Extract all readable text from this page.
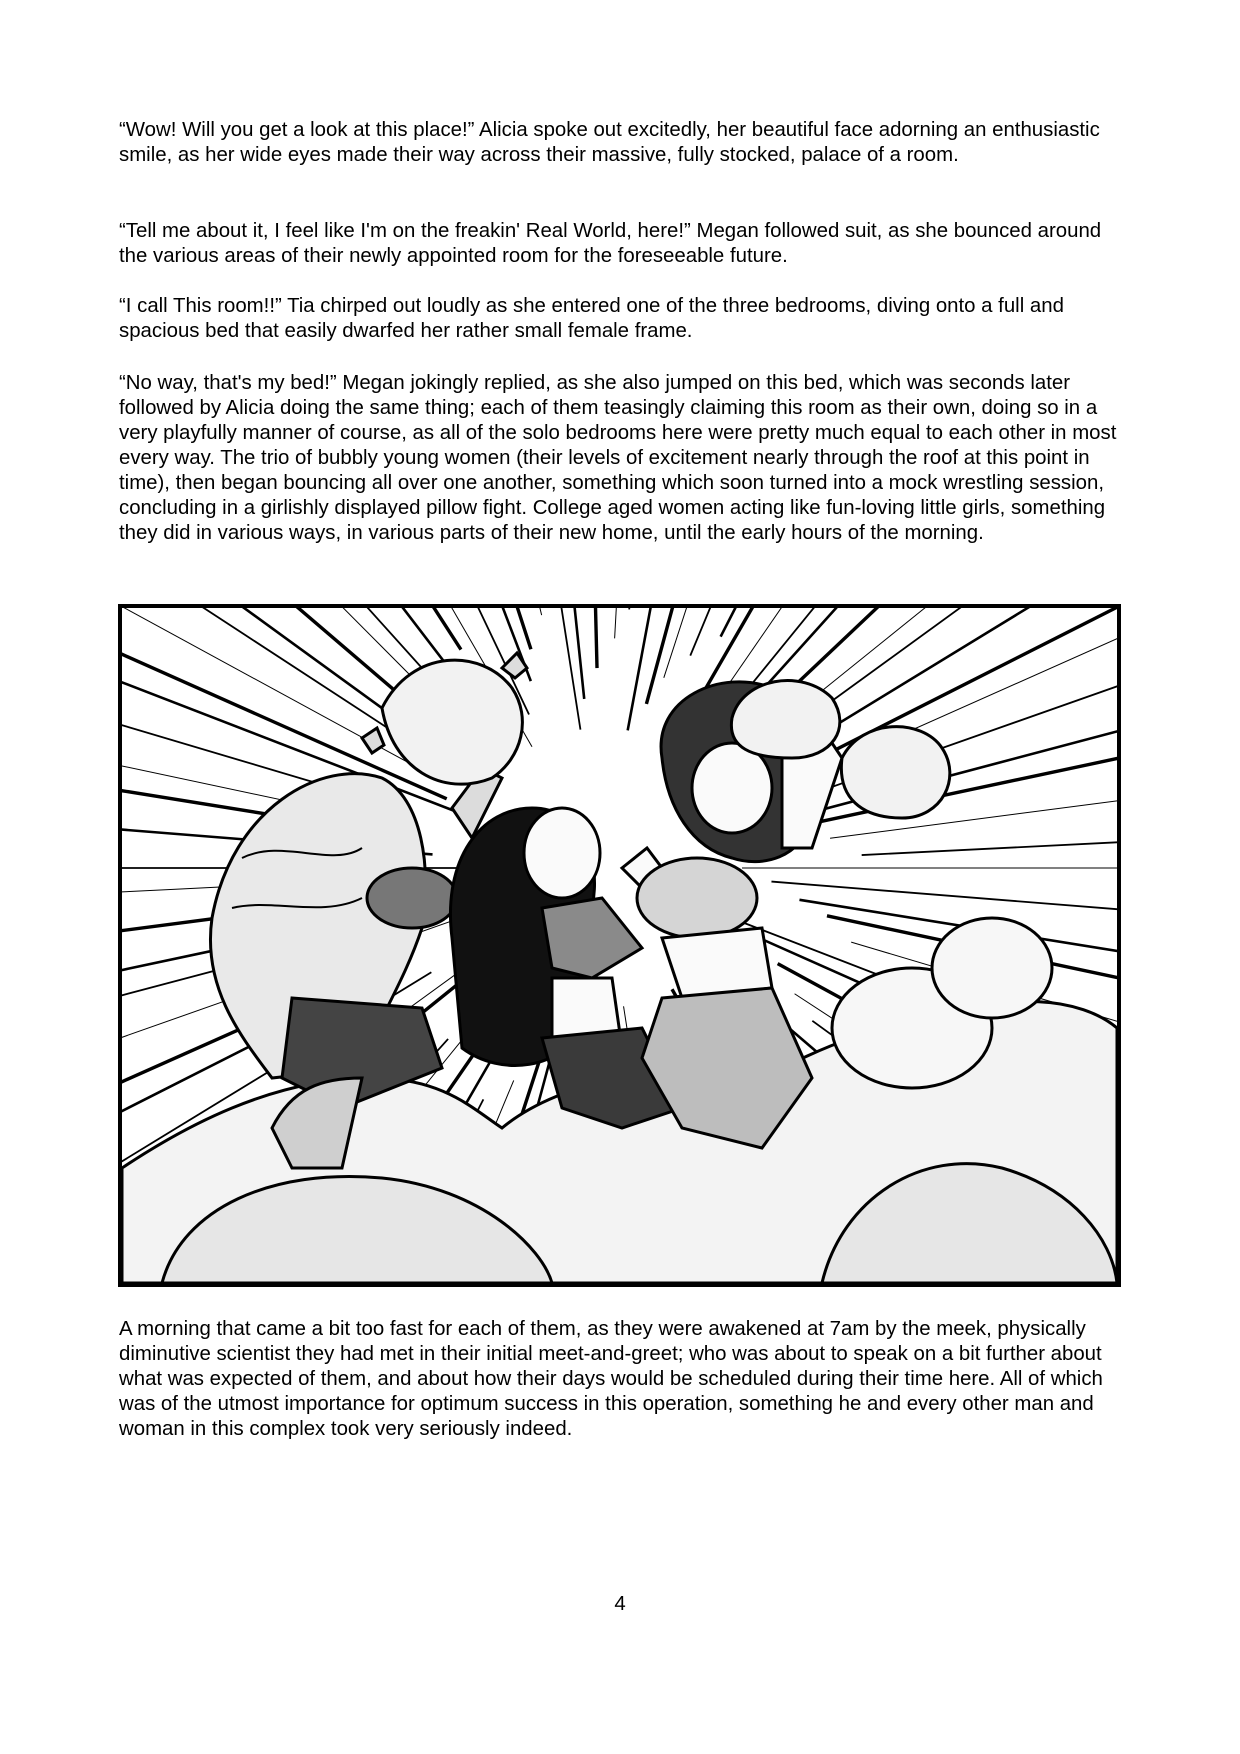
“Wow! Will you get a look at this place!” Alicia spoke out excitedly, her beautiful face adorning an enthusiastic smile, as her wide eyes made their way across their massive, fully stocked, palace of a room.

“Tell me about it, I feel like I'm on the freakin' Real World, here!” Megan followed suit, as she bounced around the various areas of their newly appointed room for the foreseeable future.

“I call This room!!” Tia chirped out loudly as she entered one of the three bedrooms, diving onto a full and spacious bed that easily dwarfed her rather small female frame.

“No way, that's my bed!” Megan jokingly replied, as she also jumped on this bed, which was seconds later followed by Alicia doing the same thing; each of them teasingly claiming this room as their own, doing so in a very playfully manner of course, as all of the solo bedrooms here were pretty much equal to each other in most every way. The trio of bubbly young women (their levels of excitement nearly through the roof at this point in time), then began bouncing all over one another, something which soon turned into a mock wrestling session, concluding in a girlishly displayed pillow fight. College aged women acting like fun-loving little girls, something they did in various ways, in various parts of their new home, until the early hours of the morning.

A morning that came a bit too fast for each of them, as they were awakened at 7am by the meek, physically diminutive scientist they had met in their initial meet-and-greet; who was about to speak on a bit further about what was expected of them, and about how their days would be scheduled during their time here. All of which was of the utmost importance for optimum success in this operation, something he and every other man and woman in this complex took very seriously indeed.

4
